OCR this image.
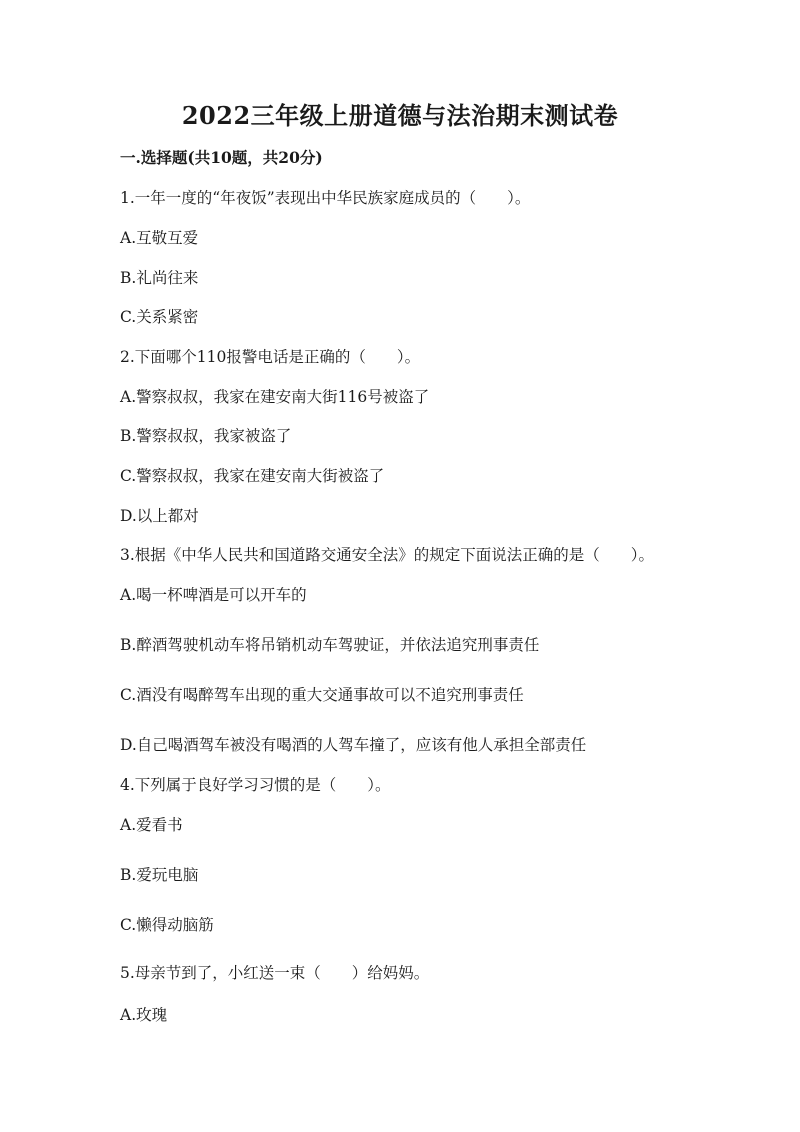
2022三年级上册道德与法治期末测试卷
一.选择题(共10题，共20分)
1.一年一度的“年夜饭”表现出中华民族家庭成员的（　　）。
A.互敬互爱
B.礼尚往来
C.关系紧密
2.下面哪个110报警电话是正确的（　　）。
A.警察叔叔，我家在建安南大街116号被盗了
B.警察叔叔，我家被盗了
C.警察叔叔，我家在建安南大街被盗了
D.以上都对
3.根据《中华人民共和国道路交通安全法》的规定下面说法正确的是（　　）。
A.喝一杯啤酒是可以开车的
B.醉酒驾驶机动车将吊销机动车驾驶证，并依法追究刑事责任
C.酒没有喝醉驾车出现的重大交通事故可以不追究刑事责任
D.自己喝酒驾车被没有喝酒的人驾车撞了，应该有他人承担全部责任
4.下列属于良好学习习惯的是（　　）。
A.爱看书
B.爱玩电脑
C.懒得动脑筋
5.母亲节到了，小红送一束（　　）给妈妈。
A.玫瑰
